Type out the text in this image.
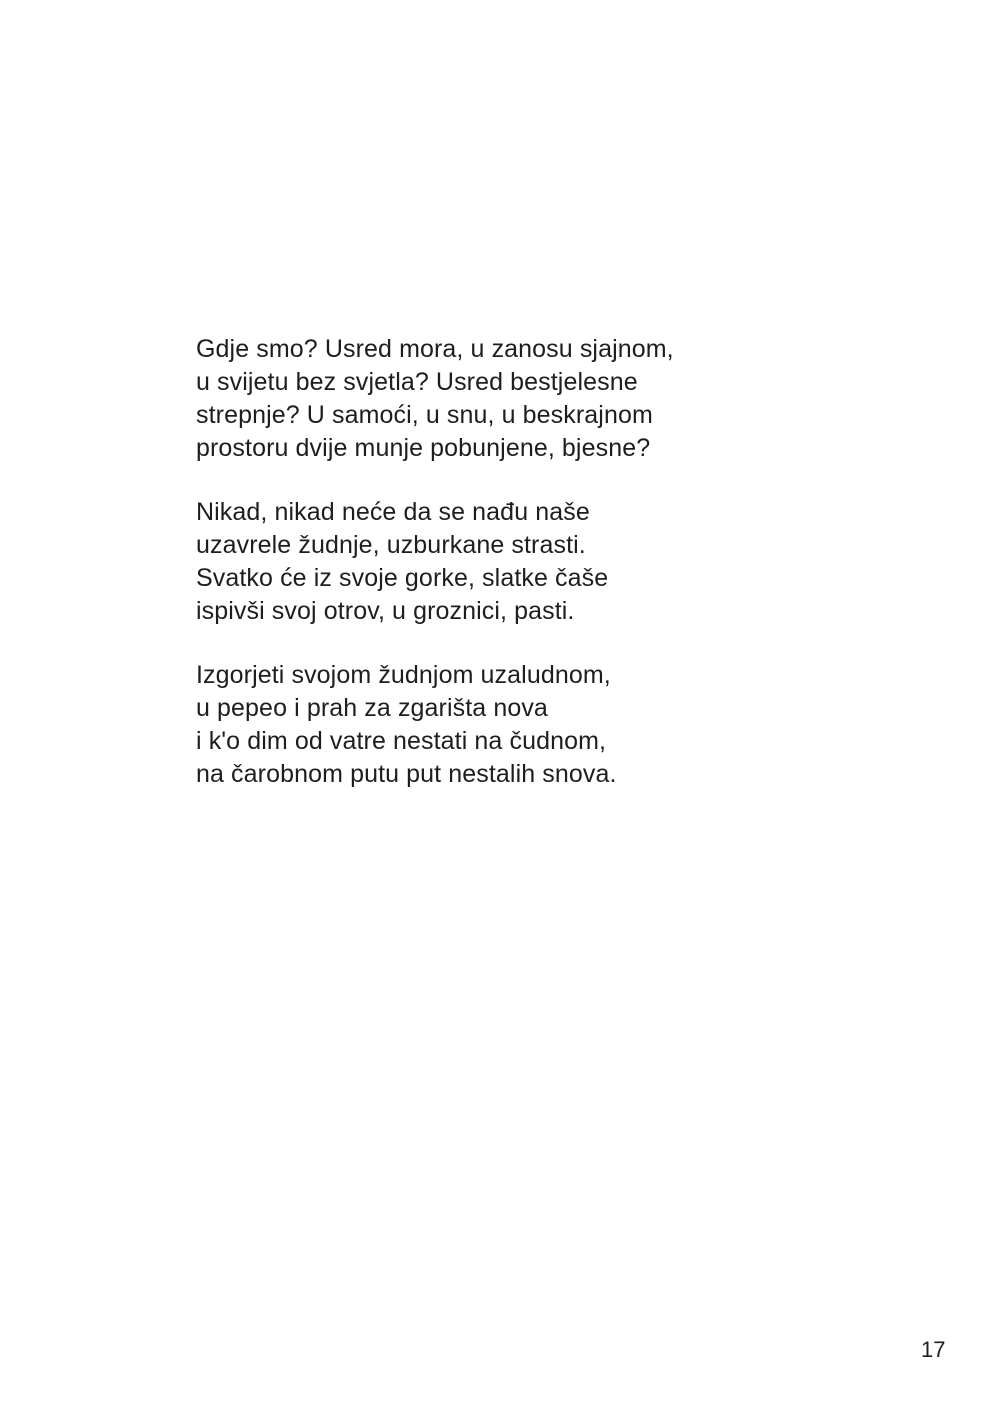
Gdje smo? Usred mora, u zanosu sjajnom,
u svijetu bez svjetla? Usred bestjelesne
strepnje? U samoći, u snu, u beskrajnom
prostoru dvije munje pobunjene, bjesne?
Nikad, nikad neće da se nađu naše
uzavrele žudnje, uzburkane strasti.
Svatko će iz svoje gorke, slatke čaše
ispivši svoj otrov, u groznici, pasti.
Izgorjeti svojom žudnjom uzaludnom,
u pepeo i prah za zgarišta nova
i k'o dim od vatre nestati na čudnom,
na čarobnom putu put nestalih snova.
17
